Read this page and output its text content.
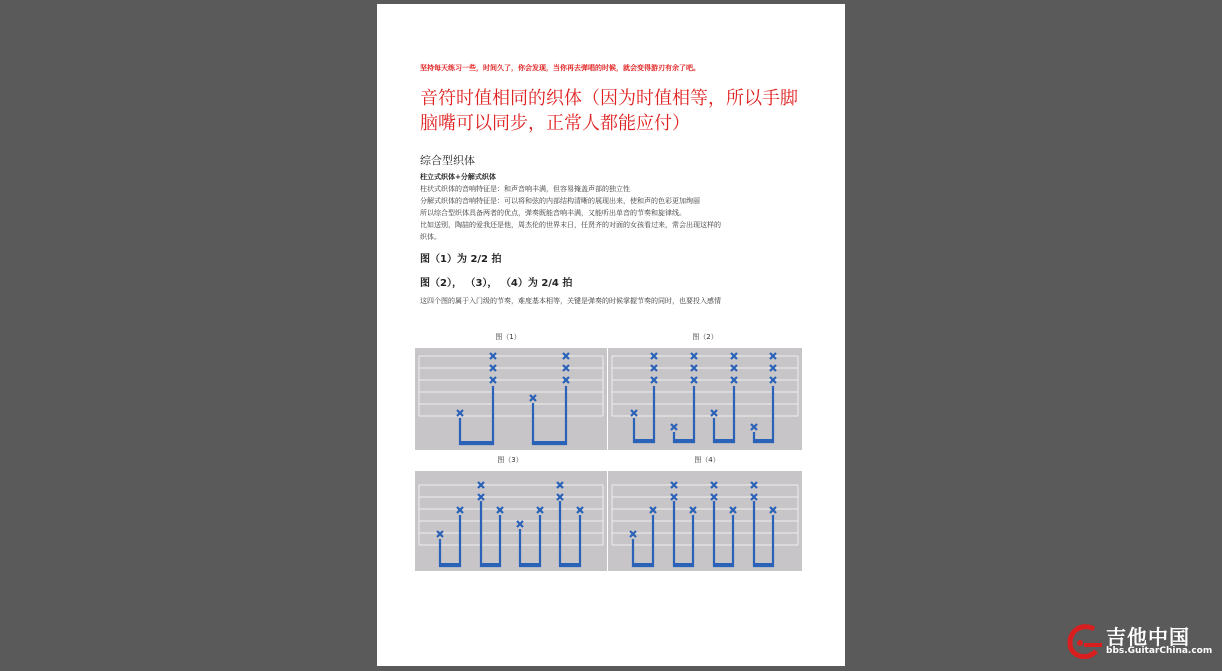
坚持每天练习一些，时间久了，你会发现，当你再去弹唱的时候，就会变得游刃有余了吧。

音符时值相同的织体（因为时值相等，所以手脚脑嘴可以同步，正常人都能应付）

综合型织体

柱立式织体+分解式织体

柱状式织体的音响特征是：和声音响丰满，但容易掩盖声部的独立性

分解式织体的音响特征是：可以将和弦的内部结构清晰的展现出来，使和声的色彩更加绚丽

所以综合型织体具备两者的优点，弹奏既能音响丰满，又能听出单音的节奏和旋律线。

比如送别，陶喆的爱我还是他，周杰伦的世界末日，任贤齐的对面的女孩看过来，常会出现这样的

织体。

图（1）为 2/2 拍

图（2）， （3）， （4）为 2/4 拍

这四个图的属于入门级的节奏，难度基本相等，关键是弹奏的时候掌握节奏的同时，也要投入感情

图（1）	图（2）
图（3）	图（4）
吉他中国
bbs.GuitarChina.com
